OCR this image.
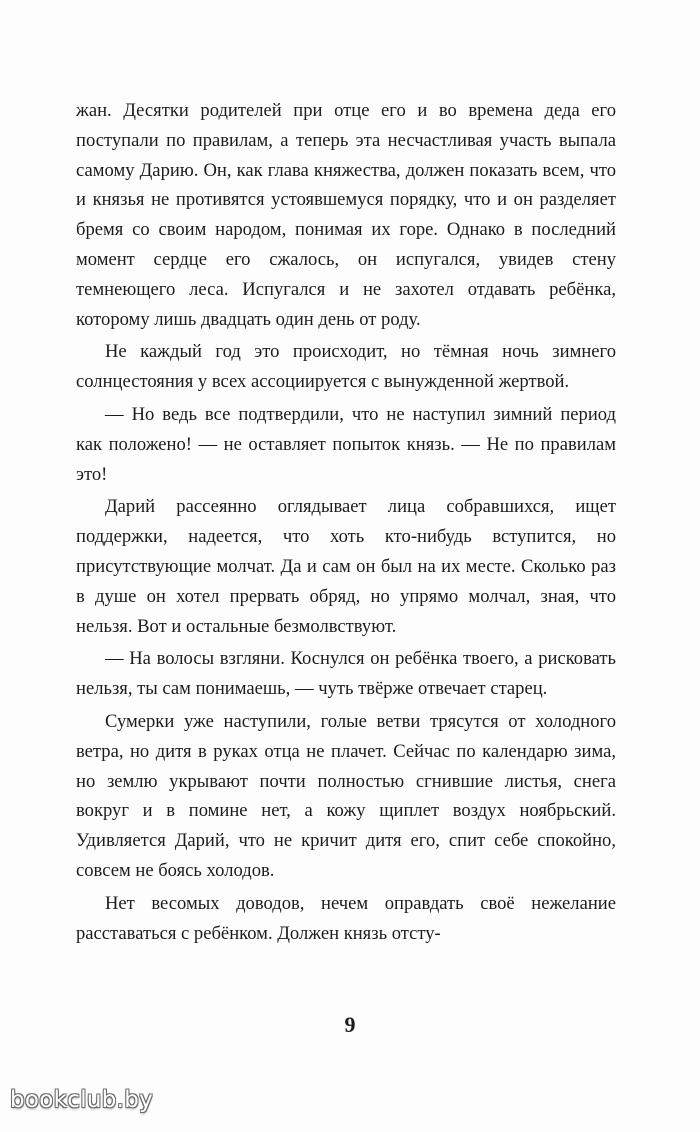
жан. Десятки родителей при отце его и во времена деда его поступали по правилам, а теперь эта несчастливая участь выпала самому Дарию. Он, как глава княжества, должен показать всем, что и князья не противятся устоявшемуся порядку, что и он разделяет бремя со своим народом, понимая их горе. Однако в последний момент сердце его сжалось, он испугался, увидев стену темнеющего леса. Испугался и не захотел отдавать ребёнка, которому лишь двадцать один день от роду.

Не каждый год это происходит, но тёмная ночь зимнего солнцестояния у всех ассоциируется с вынужденной жертвой.

— Но ведь все подтвердили, что не наступил зимний период как положено! — не оставляет попыток князь. — Не по правилам это!

Дарий рассеянно оглядывает лица собравшихся, ищет поддержки, надеется, что хоть кто-нибудь вступится, но присутствующие молчат. Да и сам он был на их месте. Сколько раз в душе он хотел прервать обряд, но упрямо молчал, зная, что нельзя. Вот и остальные безмолвствуют.

— На волосы взгляни. Коснулся он ребёнка твоего, а рисковать нельзя, ты сам понимаешь, — чуть твёрже отвечает старец.

Сумерки уже наступили, голые ветви трясутся от холодного ветра, но дитя в руках отца не плачет. Сейчас по календарю зима, но землю укрывают почти полностью сгнившие листья, снега вокруг и в помине нет, а кожу щиплет воздух ноябрьский. Удивляется Дарий, что не кричит дитя его, спит себе спокойно, совсем не боясь холодов.

Нет весомых доводов, нечем оправдать своё нежелание расставаться с ребёнком. Должен князь отсту-

9
bookclub.by
